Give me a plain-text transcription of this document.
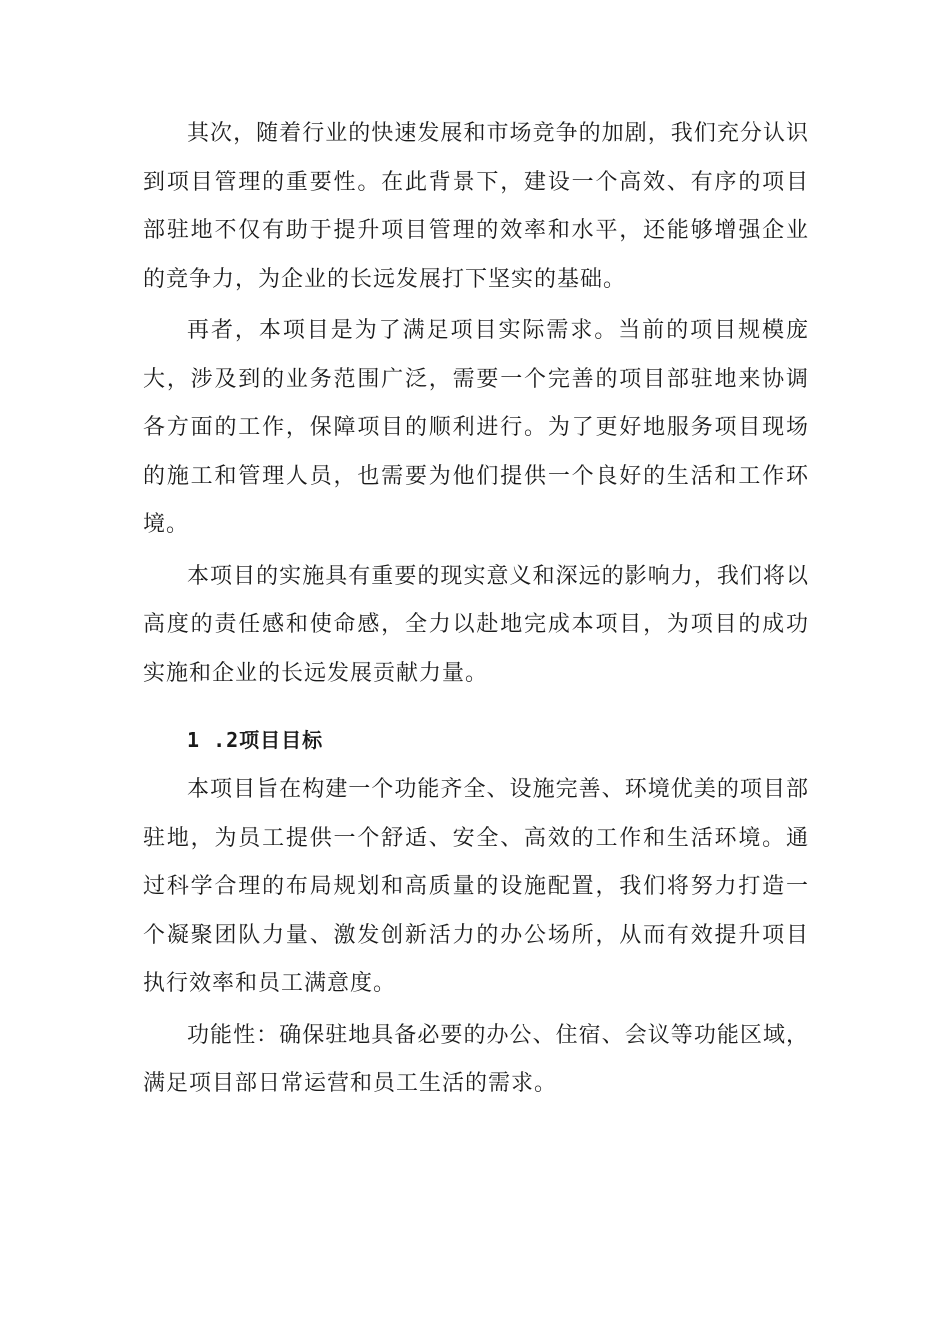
其次，随着行业的快速发展和市场竞争的加剧，我们充分认识到项目管理的重要性。在此背景下，建设一个高效、有序的项目部驻地不仅有助于提升项目管理的效率和水平，还能够增强企业的竞争力，为企业的长远发展打下坚实的基础。

再者，本项目是为了满足项目实际需求。当前的项目规模庞大，涉及到的业务范围广泛，需要一个完善的项目部驻地来协调各方面的工作，保障项目的顺利进行。为了更好地服务项目现场的施工和管理人员，也需要为他们提供一个良好的生活和工作环境。

本项目的实施具有重要的现实意义和深远的影响力，我们将以高度的责任感和使命感，全力以赴地完成本项目，为项目的成功实施和企业的长远发展贡献力量。

1 .2项目目标

本项目旨在构建一个功能齐全、设施完善、环境优美的项目部驻地，为员工提供一个舒适、安全、高效的工作和生活环境。通过科学合理的布局规划和高质量的设施配置，我们将努力打造一个凝聚团队力量、激发创新活力的办公场所，从而有效提升项目执行效率和员工满意度。

功能性：确保驻地具备必要的办公、住宿、会议等功能区域，满足项目部日常运营和员工生活的需求。
